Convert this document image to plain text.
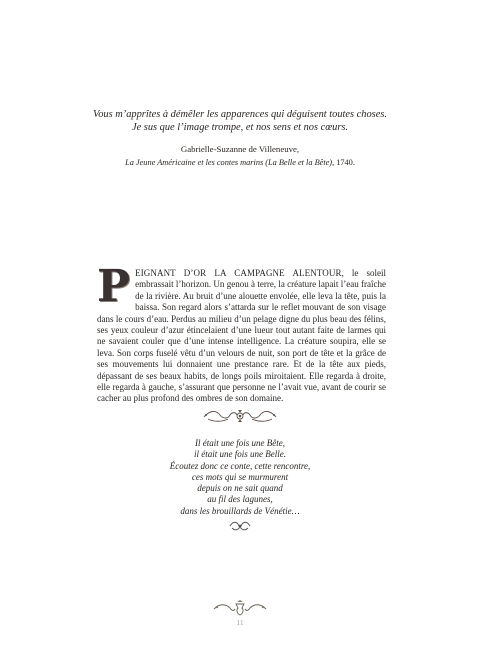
Vous m’apprîtes à démêler les apparences qui déguisent toutes choses.
Je sus que l’image trompe, et nos sens et nos cœurs.

Gabrielle-Suzanne de Villeneuve,

La Jeune Américaine et les contes marins (La Belle et la Bête), 1740.

PEIGNANT D’OR LA CAMPAGNE ALENTOUR, le soleil embrassait l’horizon. Un genou à terre, la créature lapait l’eau fraîche de la rivière. Au bruit d’une alouette envolée, elle leva la tête, puis la baissa. Son regard alors s’attarda sur le reflet mouvant de son visage dans le cours d’eau. Perdus au milieu d’un pelage digne du plus beau des félins, ses yeux couleur d’azur étincelaient d’une lueur tout autant faite de larmes qui ne savaient couler que d’une intense intelligence. La créature soupira, elle se leva. Son corps fuselé vêtu d’un velours de nuit, son port de tête et la grâce de ses mouvements lui donnaient une prestance rare. Et de la tête aux pieds, dépassant de ses beaux habits, de longs poils miroitaient. Elle regarda à droite, elle regarda à gauche, s’assurant que personne ne l’avait vue, avant de courir se cacher au plus profond des ombres de son domaine.

Il était une fois une Bête,
il était une fois une Belle.
Écoutez donc ce conte, cette rencontre,
ces mots qui se murmurent
depuis on ne sait quand
au fil des lagunes,
dans les brouillards de Vénétie…
11
